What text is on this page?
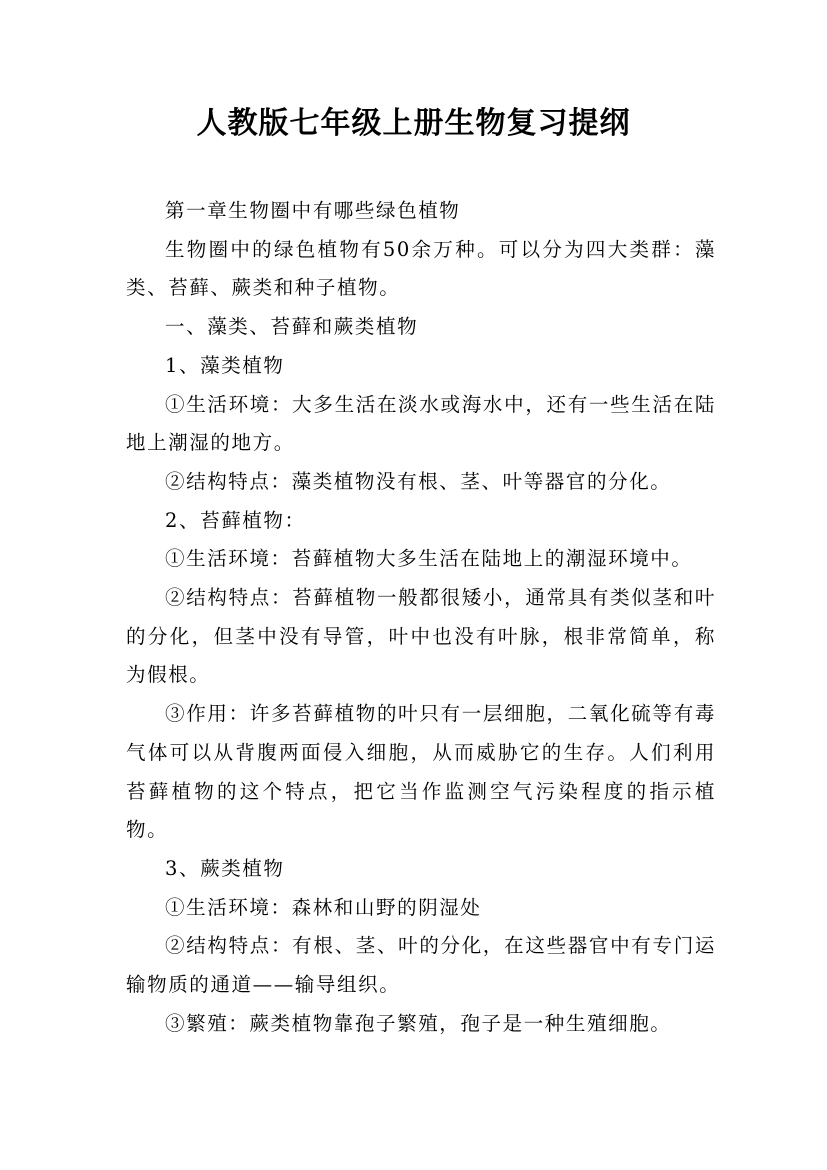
人教版七年级上册生物复习提纲

第一章生物圈中有哪些绿色植物

生物圈中的绿色植物有50余万种。可以分为四大类群：藻类、苔藓、蕨类和种子植物。

一、藻类、苔藓和蕨类植物

1、藻类植物

①生活环境：大多生活在淡水或海水中，还有一些生活在陆地上潮湿的地方。

②结构特点：藻类植物没有根、茎、叶等器官的分化。

2、苔藓植物：

①生活环境：苔藓植物大多生活在陆地上的潮湿环境中。

②结构特点：苔藓植物一般都很矮小，通常具有类似茎和叶的分化，但茎中没有导管，叶中也没有叶脉，根非常简单，称为假根。

③作用：许多苔藓植物的叶只有一层细胞，二氧化硫等有毒气体可以从背腹两面侵入细胞，从而威胁它的生存。人们利用苔藓植物的这个特点，把它当作监测空气污染程度的指示植物。

3、蕨类植物

①生活环境：森林和山野的阴湿处

②结构特点：有根、茎、叶的分化，在这些器官中有专门运输物质的通道——输导组织。

③繁殖：蕨类植物靠孢子繁殖，孢子是一种生殖细胞。
